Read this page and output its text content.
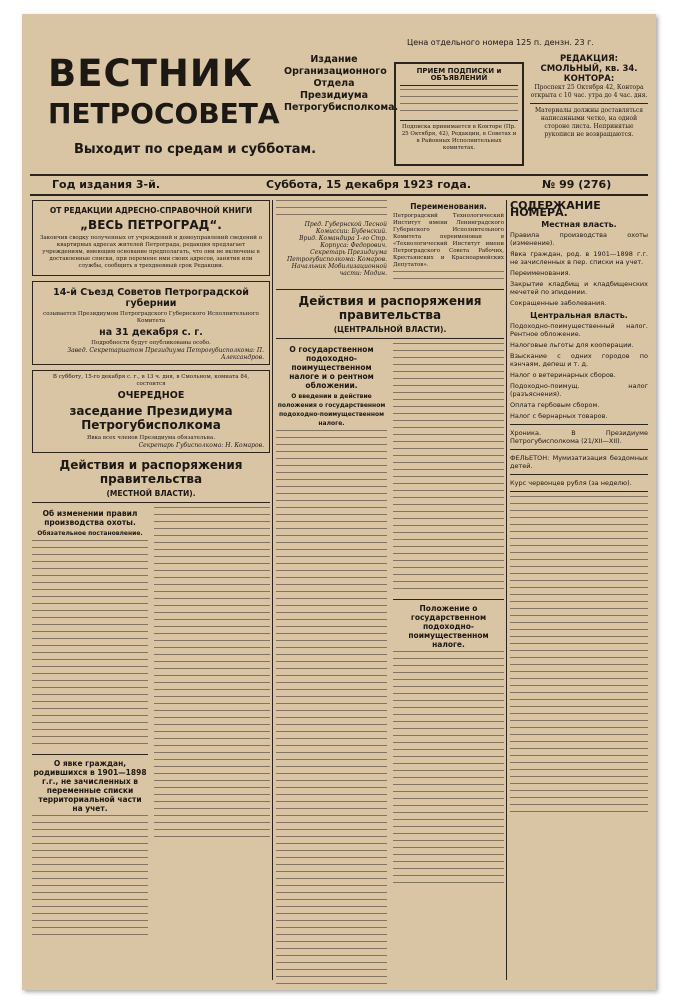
ВЕСТНИК
ПЕТРОСОВЕТА
Выходит по средам и субботам.
Издание Организационного Отдела Президиума Петрогубисполкома.
Цена отдельного номера 125 п. дензн. 23 г.
ПРИЕМ ПОДПИСКИ и ОБЪЯВЛЕНИЙ
Подписка принимается в Конторе (Пр. 25 Октября, 42), Редакции, в Советах и в Районных Исполнительных комитетах.
РЕДАКЦИЯ: СМОЛЬНЫЙ, кв. 34.
КОНТОРА:
Проспект 25 Октября 42, Контора открыта с 10 час. утра до 4 час. дня.
Материалы должны доставляться написанными четко, на одной стороне листа. Непринятые рукописи не возвращаются.
Год издания 3-й.	Суббота, 15 декабря 1923 года.	№ 99 (276)
ОТ РЕДАКЦИИ АДРЕСНО-СПРАВОЧНОЙ КНИГИ
„ВЕСЬ ПЕТРОГРАД“.
Закончив сводку полученных от учреждений и домоуправлений сведений о квартирных адресах жителей Петрограда, редакция предлагает учреждениям, имеющим основание предполагать, что они не включены в доставленные списки, при перемене ими своих адресов, занятия или службы, сообщить в трехдневный срок Редакции.
14-й Съезд Советов Петроградской губернии
созывается Президиумом Петроградского Губернского Исполнительного Комитета
на 31 декабря с. г.
Подробности будут опубликованы особо.
Завед. Секретариатом Президиума Петрогубисполкома: П. Александров.
В субботу, 15-го декабря с. г., в 13 ч. дня, в Смольном, комната 84, состоится
ОЧЕРЕДНОЕ
заседание Президиума Петрогубисполкома
Явка всех членов Президиума обязательна.
Секретарь Губисполкома: Н. Комаров.
Действия и распоряжения правительства
(МЕСТНОЙ ВЛАСТИ).
Об изменении правил производства охоты.
Обязательное постановление.
О явке граждан, родившихся в 1901—1898 г.г., не зачисленных в переменные списки территориальной части на учет.
Пред. Губернской Лесной Комиссии: Бубенский.
Врид. Командира 1-го Стр. Корпуса: Федорович.
Секретарь Президиума Петрогубисполкома: Комаров.
Начальник Мобилизационной части: Модин.
Переименования.
Петроградский Технологический Институт имени Ленинградского Губернского Исполнительного Комитета переименован в «Технологический Институт имени Петроградского Совета Рабочих, Крестьянских и Красноармейских Депутатов».
Действия и распоряжения правительства
(ЦЕНТРАЛЬНОЙ ВЛАСТИ).
О государственном подоходно-поимущественном налоге и о рентном обложении.
О введении в действие положения о государственном подоходно-поимущественном налоге.
Положение о государственном подоходно-поимущественном налоге.
СОДЕРЖАНИЕ НОМЕРА.
Местная власть.
Правила производства охоты (изменение).
Явка граждан, род. в 1901—1898 г.г. не зачисленных в пер. списки на учет.
Переименования.
Закрытие кладбищ и кладбищенских мечетей по эпидемии.
Сокращенные заболевания.
Центральная власть.
Подоходно-поимущественный налог. Рентное обложение.
Налоговые льготы для кооперации.
Взыскание с одних городов по кэнчаям, депеш и т. д.
Налог о ветеринарных сборов.
Подоходно-поимущ. налог (разъяснения).
Оплата гербовым сбором.
Налог с бернарных товаров.
Хроника. В Президиуме Петрогубисполкома (21/XII—XII).
ФЕЛЬЕТОН: Мумизатизация бездомных детей.
Курс червонцев рубля (за неделю).
